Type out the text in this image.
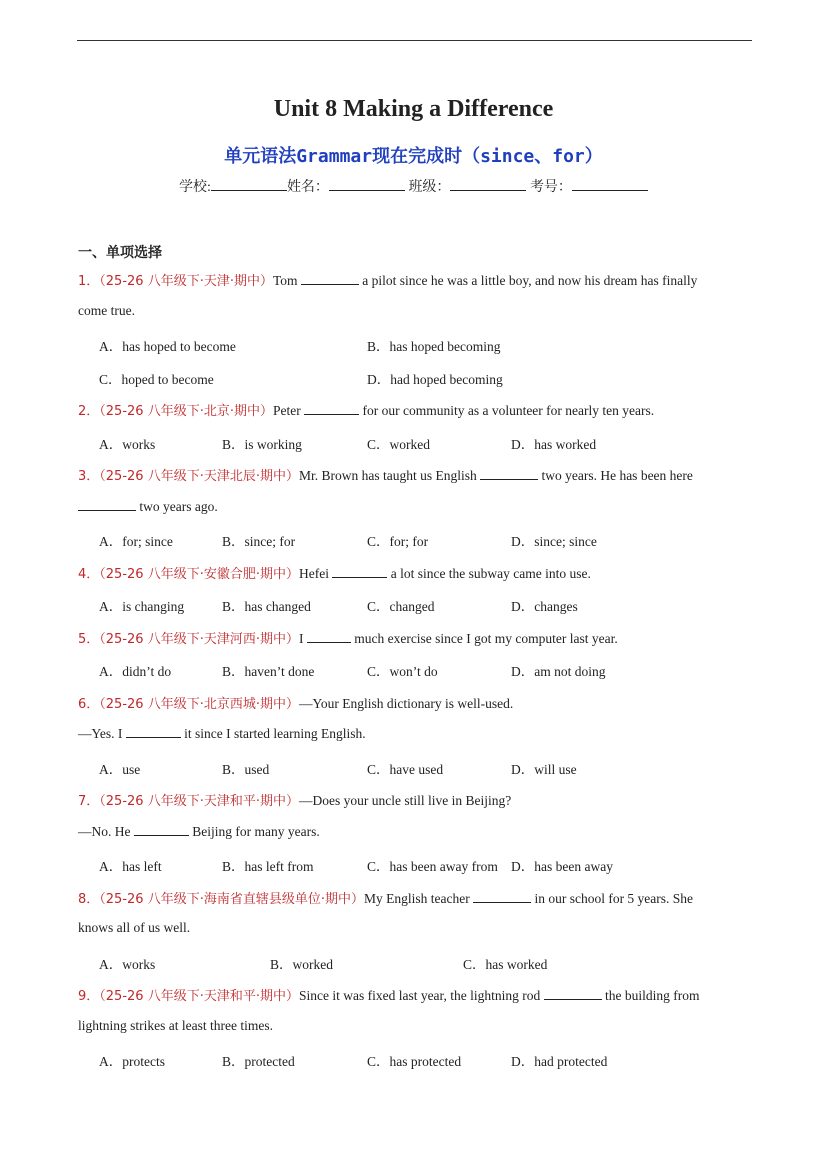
Unit 8 Making a Difference
单元语法Grammar现在完成时（since、for）
学校:	姓名：	班级：	考号：
一、单项选择
1．（25-26 八年级下·天津·期中）Tom	a pilot since he was a little boy, and now his dream has finally
come true.
A．has hoped to become	B．has hoped becoming
C．hoped to become	D．had hoped becoming
2．（25-26 八年级下·北京·期中）Peter	for our community as a volunteer for nearly ten years.
A．works	B．is working	C．worked	D．has worked
3．（25-26 八年级下·天津北辰·期中）Mr. Brown has taught us English	two years. He has been here
two years ago.
A．for; since	B．since; for	C．for; for	D．since; since
4．（25-26 八年级下·安徽合肥·期中）Hefei	a lot since the subway came into use.
A．is changing	B．has changed	C．changed	D．changes
5．（25-26 八年级下·天津河西·期中）I	much exercise since I got my computer last year.
A．didn’t do	B．haven’t done	C．won’t do	D．am not doing
6．（25-26 八年级下·北京西城·期中）—Your English dictionary is well-used.
—Yes. I	it since I started learning English.
A．use	B．used	C．have used	D．will use
7．（25-26 八年级下·天津和平·期中）—Does your uncle still live in Beijing?
—No. He	Beijing for many years.
A．has left	B．has left from	C．has been away from D．has been away
8．（25-26 八年级下·海南省直辖县级单位·期中）My English teacher	in our school for 5 years. She
knows all of us well.
A．works	B．worked	C．has worked
9．（25-26 八年级下·天津和平·期中）Since it was fixed last year, the lightning rod	the building from
lightning strikes at least three times.
A．protects	B．protected	C．has protected	D．had protected
